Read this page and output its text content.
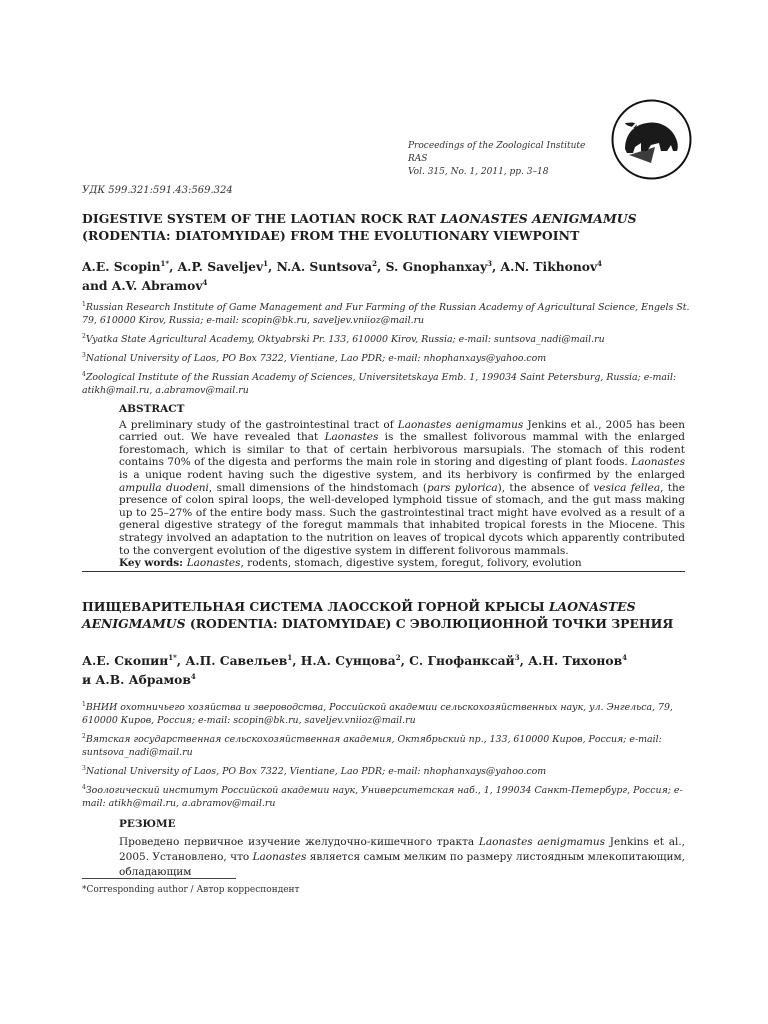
Proceedings of the Zoological Institute RAS
Vol. 315, No. 1, 2011, pp. 3–18
УДК 599.321:591.43:569.324
DIGESTIVE SYSTEM OF THE LAOTIAN ROCK RAT LAONASTES AENIGMAMUS
(RODENTIA: DIATOMYIDAE) FROM THE EVOLUTIONARY VIEWPOINT
A.E. Scopin$^{1*}$, A.P. Saveljev$^1$, N.A. Suntsova$^2$, S. Gnophanxay$^3$, A.N. Tikhonov$^4$
and A.V. Abramov$^4$
$^1$Russian Research Institute of Game Management and Fur Farming of the Russian Academy of Agricultural Science, Engels St. 79, 610000 Kirov, Russia; e-mail: scopin@bk.ru, saveljev.vniioz@mail.ru
$^2$Vyatka State Agricultural Academy, Oktyabrski Pr. 133, 610000 Kirov, Russia; e-mail: suntsova_nadi@mail.ru
$^3$National University of Laos, PO Box 7322, Vientiane, Lao PDR; e-mail: nhophanxays@yahoo.com
$^4$Zoological Institute of the Russian Academy of Sciences, Universitetskaya Emb. 1, 199034 Saint Petersburg, Russia; e-mail: atikh@mail.ru, a.abramov@mail.ru
ABSTRACT
A preliminary study of the gastrointestinal tract of Laonastes aenigmamus Jenkins et al., 2005 has been carried out. We have revealed that Laonastes is the smallest folivorous mammal with the enlarged forestomach, which is similar to that of certain herbivorous marsupials. The stomach of this rodent contains 70% of the digesta and performs the main role in storing and digesting of plant foods. Laonastes is a unique rodent having such the digestive system, and its herbivory is confirmed by the enlarged ampulla duodeni, small dimensions of the hindstomach (pars pylorica), the absence of vesica fellea, the presence of colon spiral loops, the well-developed lymphoid tissue of stomach, and the gut mass making up to 25–27% of the entire body mass. Such the gastrointestinal tract might have evolved as a result of a general digestive strategy of the foregut mammals that inhabited tropical forests in the Miocene. This strategy involved an adaptation to the nutrition on leaves of tropical dycots which apparently contributed to the convergent evolution of the digestive system in different folivorous mammals.
Key words: Laonastes, rodents, stomach, digestive system, foregut, folivory, evolution
ПИЩЕВАРИТЕЛЬНАЯ СИСТЕМА ЛАОССКОЙ ГОРНОЙ КРЫСЫ LAONASTES AENIGMAMUS (RODENTIA: DIATOMYIDAE) С ЭВОЛЮЦИОННОЙ ТОЧКИ ЗРЕНИЯ
А.Е. Скопин$^{1*}$, А.П. Савельев$^1$, Н.А. Сунцова$^2$, С. Гнофанксай$^3$, А.Н. Тихонов$^4$
и А.В. Абрамов$^4$
$^1$ВНИИ охотничьего хозяйства и звероводства, Российской академии сельскохозяйственных наук, ул. Энгельса, 79, 610000 Киров, Россия; e-mail: scopin@bk.ru, saveljev.vniioz@mail.ru
$^2$Вятская государственная сельскохозяйственная академия, Октябрьский пр., 133, 610000 Киров, Россия; e-mail: suntsova_nadi@mail.ru
$^3$National University of Laos, PO Box 7322, Vientiane, Lao PDR; e-mail: nhophanxays@yahoo.com
$^4$Зоологический институт Российской академии наук, Университетская наб., 1, 199034 Санкт-Петербург, Россия; e-mail: atikh@mail.ru, a.abramov@mail.ru
РЕЗЮМЕ
Проведено первичное изучение желудочно-кишечного тракта Laonastes aenigmamus Jenkins et al., 2005. Установлено, что Laonastes является самым мелким по размеру листоядным млекопитающим, обладающим
*Corresponding author / Автор корреспондент
